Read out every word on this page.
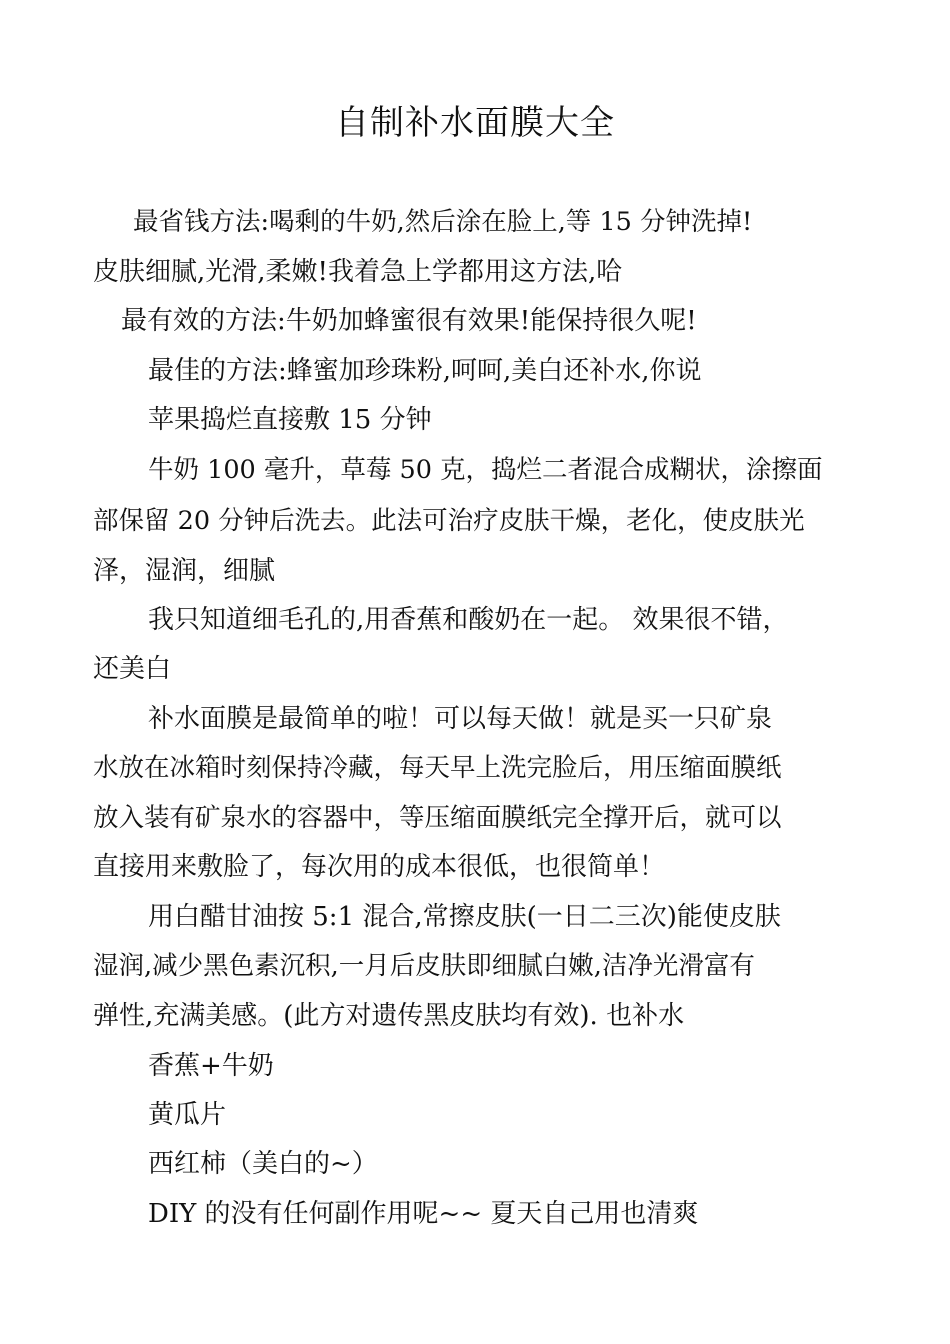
自制补水面膜大全
最省钱方法:喝剩的牛奶,然后涂在脸上,等 15 分钟洗掉!
皮肤细腻,光滑,柔嫩!我着急上学都用这方法,哈
最有效的方法:牛奶加蜂蜜很有效果!能保持很久呢!
最佳的方法:蜂蜜加珍珠粉,呵呵,美白还补水,你说
苹果捣烂直接敷 15 分钟
牛奶 100 毫升，草莓 50 克，捣烂二者混合成糊状，涂擦面
部保留 20 分钟后洗去。此法可治疗皮肤干燥，老化，使皮肤光
泽，湿润，细腻
我只知道细毛孔的,用香蕉和酸奶在一起。 效果很不错，
还美白
补水面膜是最简单的啦！可以每天做！就是买一只矿泉
水放在冰箱时刻保持冷藏，每天早上洗完脸后，用压缩面膜纸
放入装有矿泉水的容器中，等压缩面膜纸完全撑开后，就可以
直接用来敷脸了，每次用的成本很低，也很简单！
用白醋甘油按 5:1 混合,常擦皮肤(一日二三次)能使皮肤
湿润,减少黑色素沉积,一月后皮肤即细腻白嫩,洁净光滑富有
弹性,充满美感。(此方对遗传黑皮肤均有效). 也补水
香蕉+牛奶
黄瓜片
西红柿（美白的~）
DIY 的没有任何副作用呢~~ 夏天自己用也清爽
